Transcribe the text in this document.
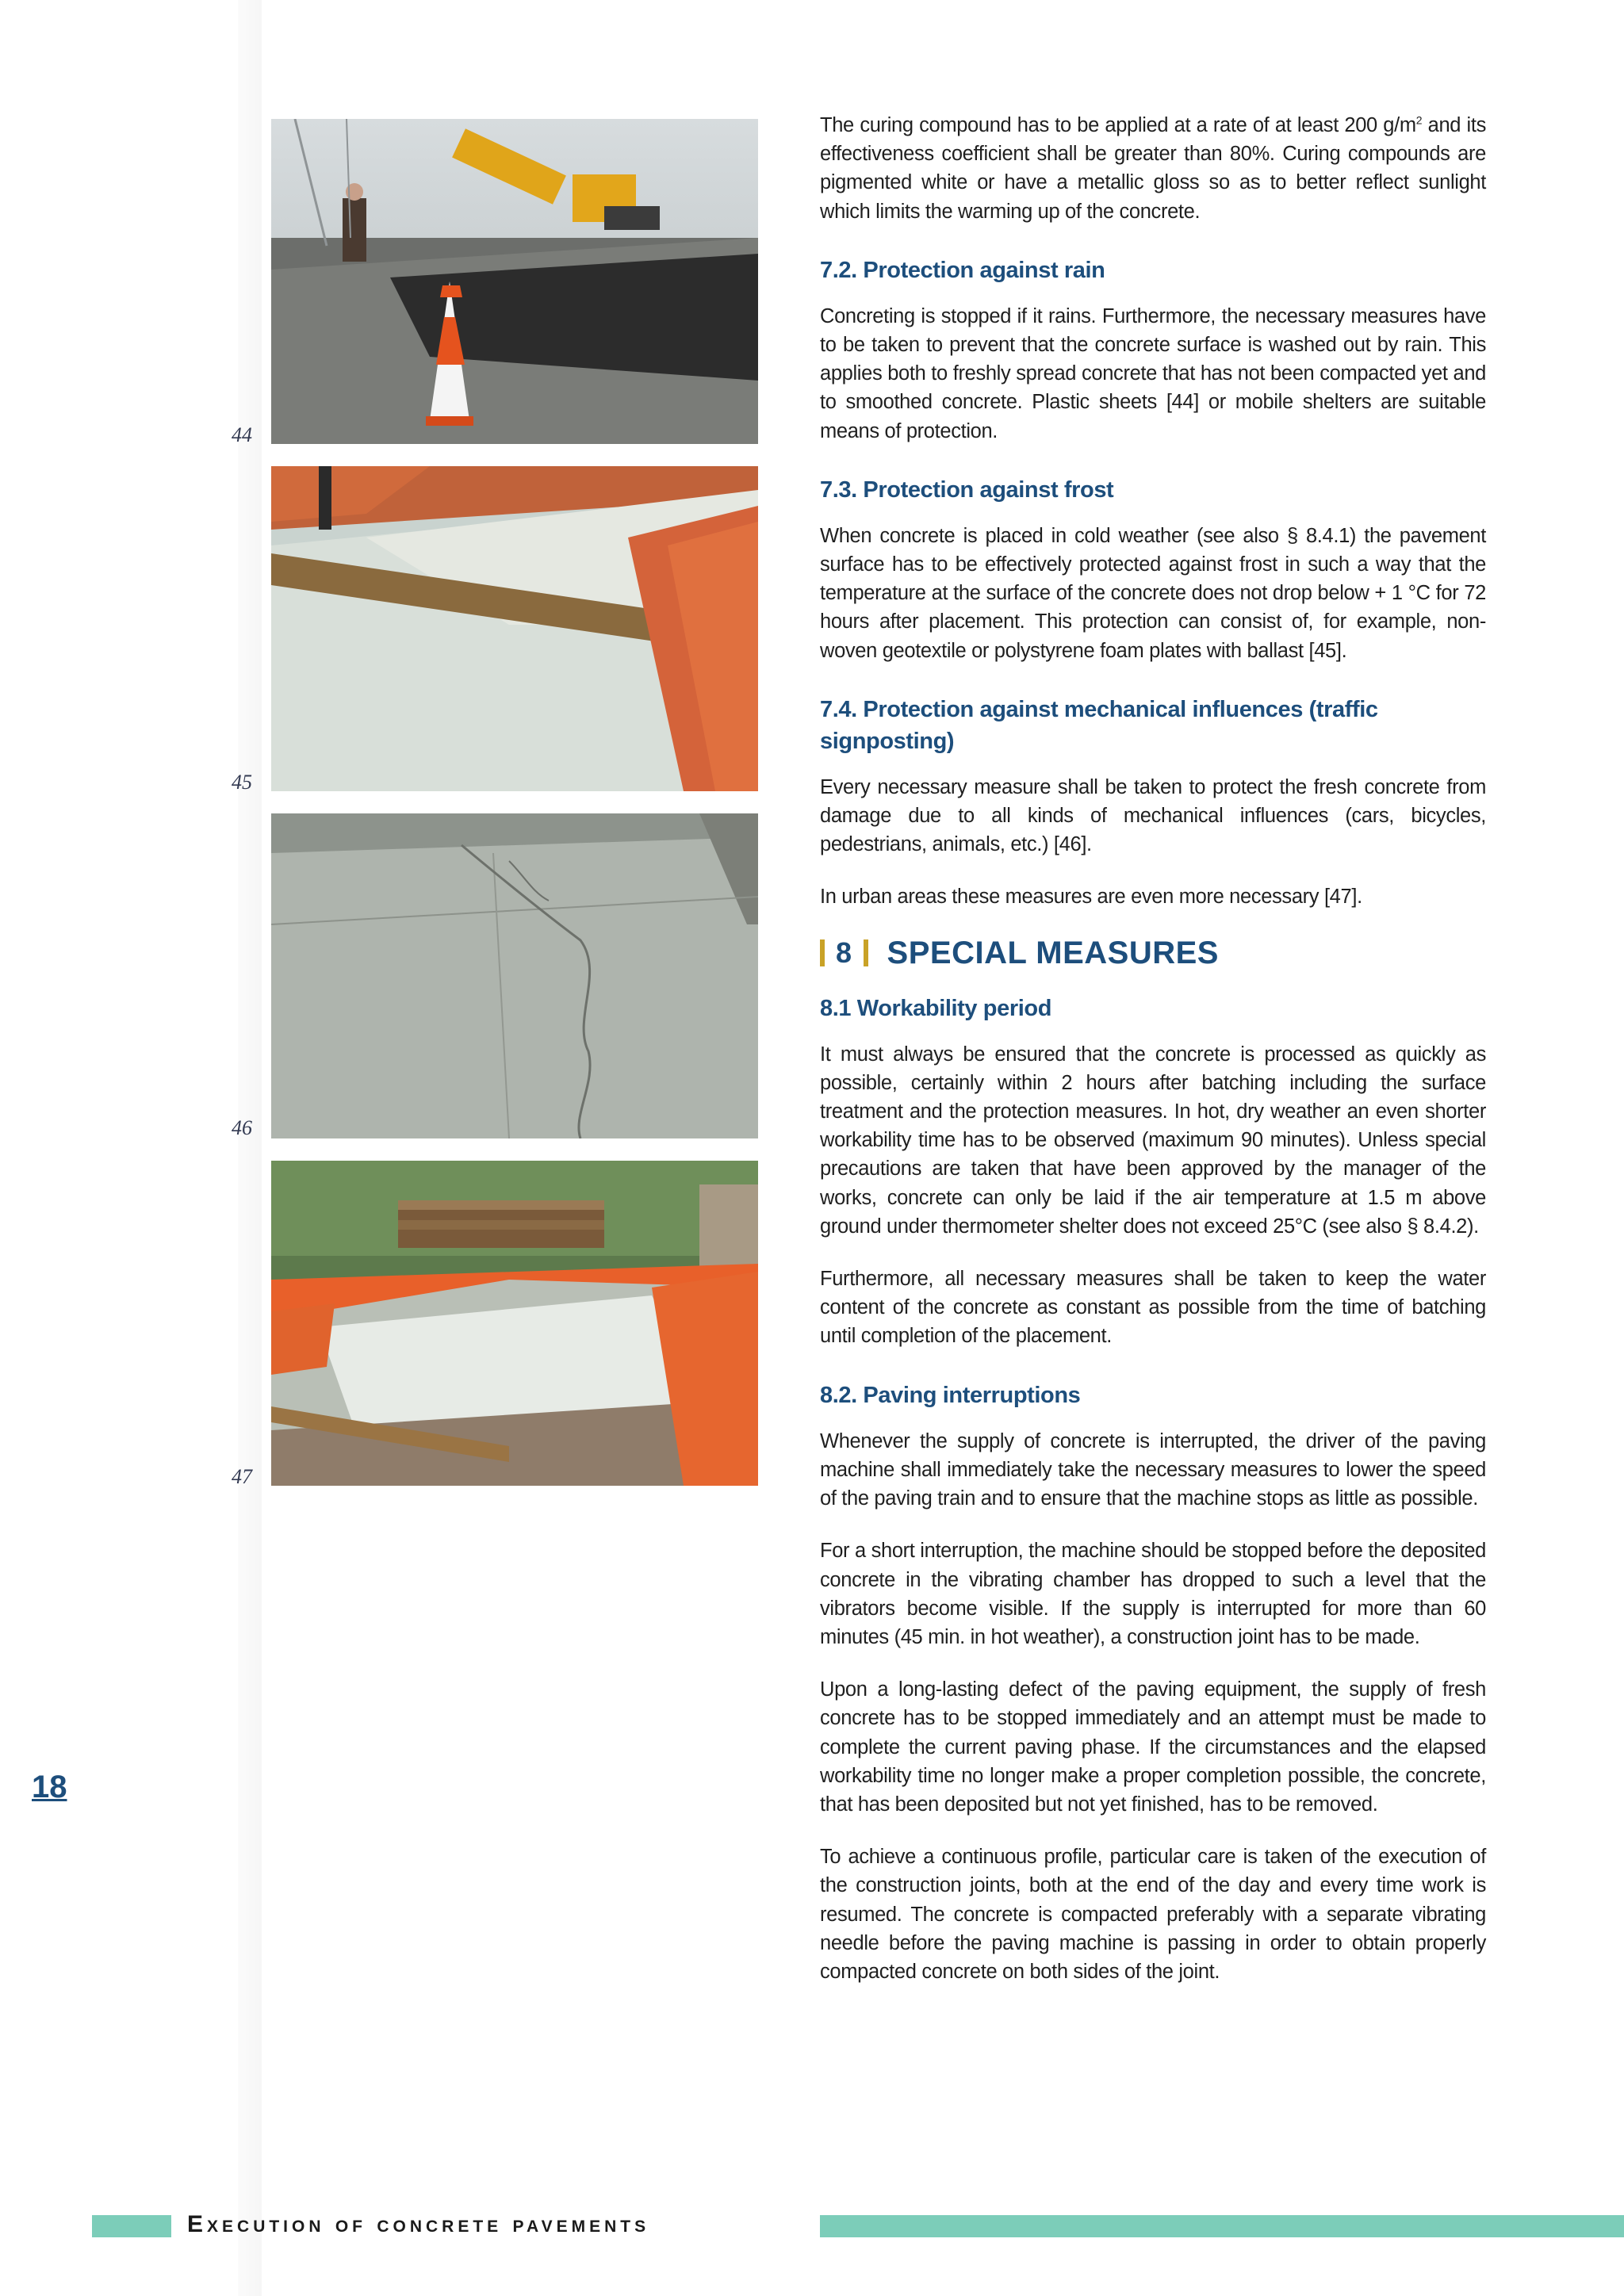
44
45
46
47

The curing compound has to be applied at a rate of at least 200 $g/m^2$ and its effectiveness coefficient shall be greater than 80%. Curing compounds are pigmented white or have a metallic gloss so as to better reflect sunlight which limits the warming up of the concrete.

7.2. Protection against rain

Concreting is stopped if it rains. Furthermore, the necessary measures have to be taken to prevent that the concrete surface is washed out by rain. This applies both to freshly spread concrete that has not been compacted yet and to smoothed concrete. Plastic sheets [44] or mobile shelters are suitable means of protection.

7.3. Protection against frost

When concrete is placed in cold weather (see also § 8.4.1) the pavement surface has to be effectively protected against frost in such a way that the temperature at the surface of the concrete does not drop below + 1 °C for 72 hours after placement. This protection can consist of, for example, non-woven geotextile or polystyrene foam plates with ballast [45].

7.4. Protection against mechanical influences (traffic signposting)

Every necessary measure shall be taken to protect the fresh concrete from damage due to all kinds of mechanical influences (cars, bicycles, pedestrians, animals, etc.) [46].

In urban areas these measures are even more necessary [47].

8 SPECIAL MEASURES
8.1 Workability period

It must always be ensured that the concrete is processed as quickly as possible, certainly within 2 hours after batching including the surface treatment and the protection measures. In hot, dry weather an even shorter workability time has to be observed (maximum 90 minutes). Unless special precautions are taken that have been approved by the manager of the works, concrete can only be laid if the air temperature at 1.5 m above ground under thermometer shelter does not exceed 25°C (see also § 8.4.2).

Furthermore, all necessary measures shall be taken to keep the water content of the concrete as constant as possible from the time of batching until completion of the placement.

8.2. Paving interruptions

Whenever the supply of concrete is interrupted, the driver of the paving machine shall immediately take the necessary measures to lower the speed of the paving train and to ensure that the machine stops as little as possible.

For a short interruption, the machine should be stopped before the deposited concrete in the vibrating chamber has dropped to such a level that the vibrators become visible. If the supply is interrupted for more than 60 minutes (45 min. in hot weather), a construction joint has to be made.

Upon a long-lasting defect of the paving equipment, the supply of fresh concrete has to be stopped immediately and an attempt must be made to complete the current paving phase. If the circumstances and the elapsed workability time no longer make a proper completion possible, the concrete, that has been deposited but not yet finished, has to be removed.

To achieve a continuous profile, particular care is taken of the execution of the construction joints, both at the end of the day and every time work is resumed. The concrete is compacted preferably with a separate vibrating needle before the paving machine is passing in order to obtain properly compacted concrete on both sides of the joint.

18
Execution of concrete pavements
